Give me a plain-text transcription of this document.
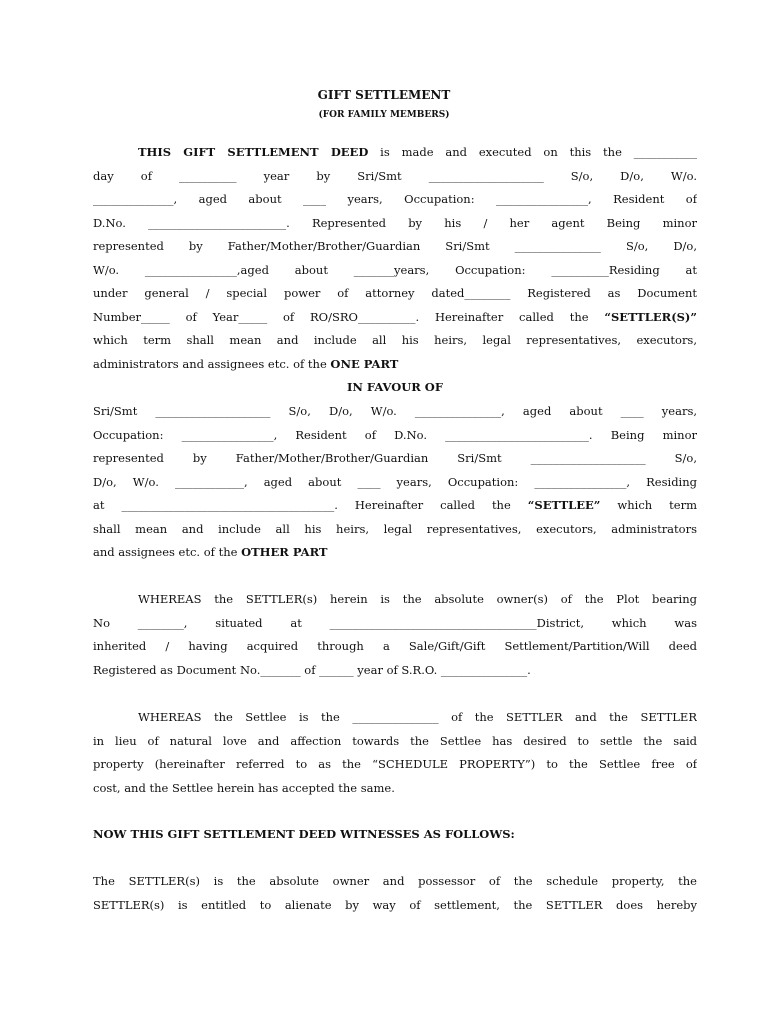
GIFT SETTLEMENT
(FOR FAMILY MEMBERS)
THIS GIFT SETTLEMENT DEED is made and executed on this the ___________
day of __________ year by Sri/Smt ____________________ S/o, D/o, W/o.
______________, aged about ____ years, Occupation: ________________, Resident of
D.No. ________________________. Represented by his / her agent Being minor
represented by Father/Mother/Brother/Guardian Sri/Smt _______________ S/o, D/o,
W/o. ________________,aged about _______years, Occupation: __________Residing at
under general / special power of attorney dated________ Registered as Document
Number_____ of Year_____ of RO/SRO__________. Hereinafter called the “SETTLER(S)”
which term shall mean and include all his heirs, legal representatives, executors,
administrators and assignees etc. of the ONE PART
IN FAVOUR OF
Sri/Smt ____________________ S/o, D/o, W/o. _______________, aged about ____ years,
Occupation: ________________, Resident of D.No. _________________________. Being minor
represented by Father/Mother/Brother/Guardian Sri/Smt ____________________ S/o,
D/o, W/o. ____________, aged about ____ years, Occupation: ________________, Residing
at _____________________________________. Hereinafter called the “SETTLEE” which term
shall mean and include all his heirs, legal representatives, executors, administrators
and assignees etc. of the OTHER PART
WHEREAS the SETTLER(s) herein is the absolute owner(s) of the Plot bearing
No ________, situated at ____________________________________District, which was
inherited / having acquired through a Sale/Gift/Gift Settlement/Partition/Will deed
Registered as Document No._______ of ______ year of S.R.O. _______________.
WHEREAS the Settlee is the _______________ of the SETTLER and the SETTLER
in lieu of natural love and affection towards the Settlee has desired to settle the said
property (hereinafter referred to as the “SCHEDULE PROPERTY”) to the Settlee free of
cost, and the Settlee herein has accepted the same.
NOW THIS GIFT SETTLEMENT DEED WITNESSES AS FOLLOWS:
The SETTLER(s) is the absolute owner and possessor of the schedule property, the
SETTLER(s) is entitled to alienate by way of settlement, the SETTLER does hereby
